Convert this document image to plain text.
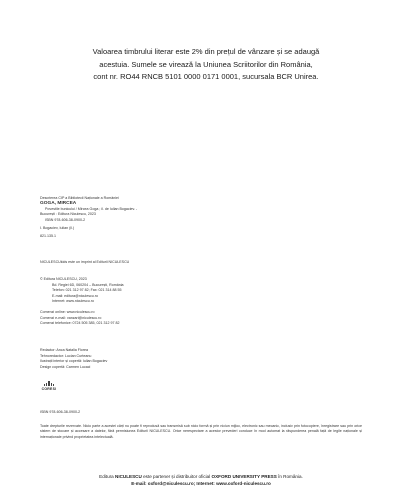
Valoarea timbrului literar este 2% din prețul de vânzare și se adaugă

acestuia. Sumele se virează la Uniunea Scriitorilor din România,

cont nr. RO44 RNCB 5101 0000 0171 0001, sucursala BCR Unirea.

Descrierea CIP a Bibliotecii Naționale a României
GOGA, MIRCEA
Povestile bunicului / Mircea Goga ; il. de Iulian Bogaciev. -
București : Editura Niculescu, 2023
ISBN 978-606-38-0900-2
I. Bogaciev, Iulian (il.)
821.135.1
NICULESCUkids este un imprint al Editurii NICULESCU
© Editura NICULESCU, 2023
Bd. Regiei 6D, 060204 – București, România
Telefon: 021 312 97 82; Fax: 021 314 88 55
E-mail: editura@niculescu.ro
Internet: www.niculescu.ro
Comenzi online: www.niculescu.ro
Comenzi e-mail: vanzari@niculescu.ro
Comenzi telefonice: 0724 505 385, 021 312 97 82
Redactor: Anca Natalia Florea
Tehnoredactor: Lucian Curteanu
Ilustrații interior și copertă: Iulian Bogaciev
Design copertă: Carmen Lucaci
CORESI
ISBN 978-606-38-0900-2
Toate drepturile rezervate. Nicio parte a acestei cărți nu poate fi reprodusă sau transmisă sub nicio formă și prin niciun mijloc, electronic sau mecanic, inclusiv prin fotocopiere, înregistrare sau prin orice sistem de stocare și accesare a datelor, fără permisiunea Editurii NICULESCU. Orice nerespectare a acestor prevederi conduce în mod automat la răspunderea penală față de legile naționale și internaționale privind proprietatea intelectuală.
Editura NICULESCU este partener și distribuitor oficial OXFORD UNIVERSITY PRESS în România.
E-mail: oxford@niculescu.ro; Internet: www.oxford-niculescu.ro
